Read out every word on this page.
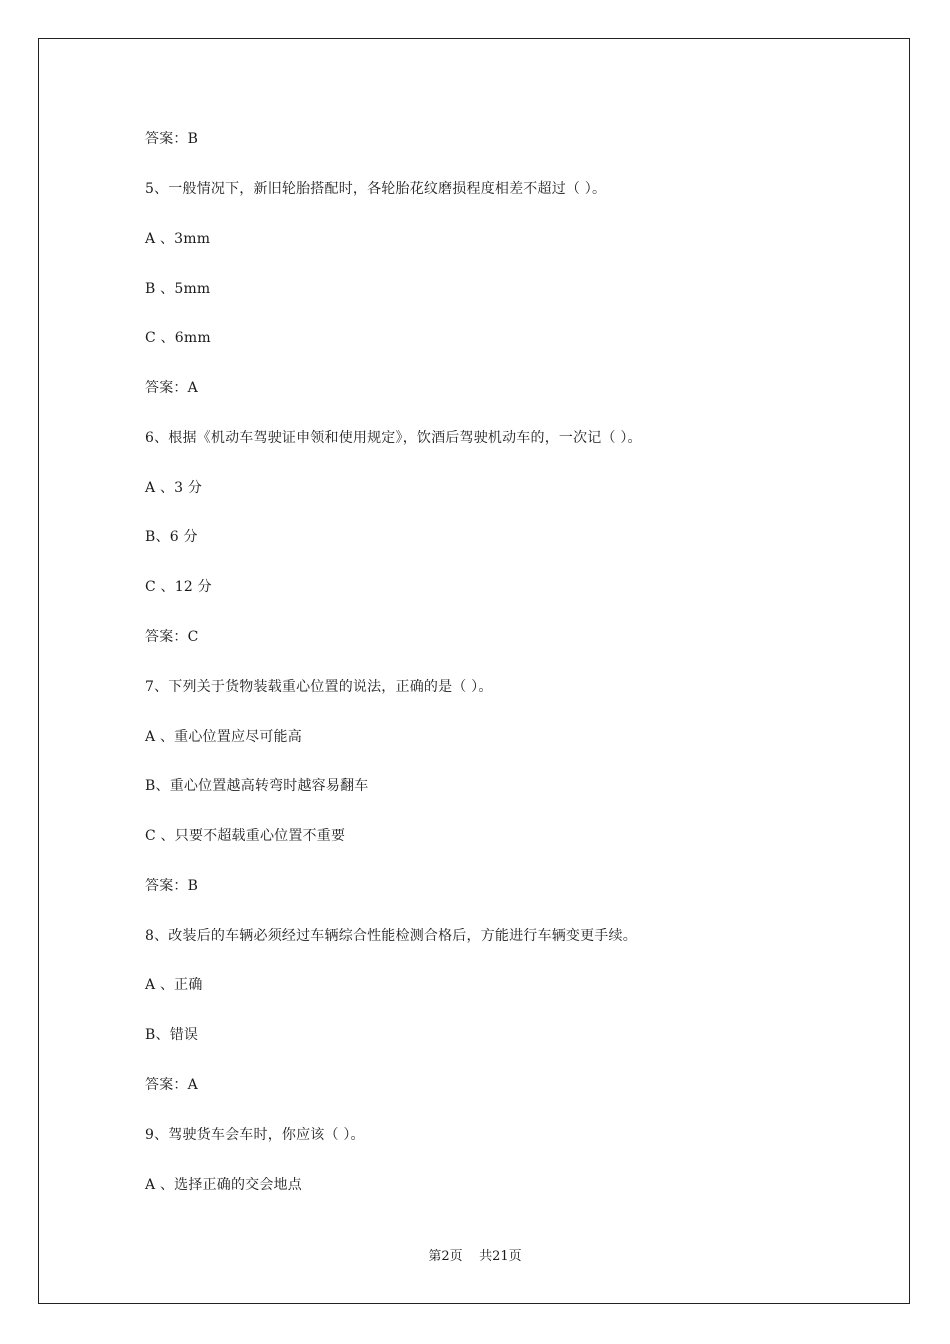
答案：B
5、一般情况下，新旧轮胎搭配时，各轮胎花纹磨损程度相差不超过（ ）。
A 、3mm
B 、5mm
C 、6mm
答案：A
6、根据《机动车驾驶证申领和使用规定》，饮酒后驾驶机动车的，一次记（ ）。
A 、3 分
B、6 分
C 、12 分
答案：C
7、下列关于货物装载重心位置的说法，正确的是（ ）。
A 、重心位置应尽可能高
B、重心位置越高转弯时越容易翻车
C 、只要不超载重心位置不重要
答案：B
8、改装后的车辆必须经过车辆综合性能检测合格后，方能进行车辆变更手续。
A 、正确
B、错误
答案：A
9、驾驶货车会车时，你应该（ ）。
A 、选择正确的交会地点
第2页    共21页
